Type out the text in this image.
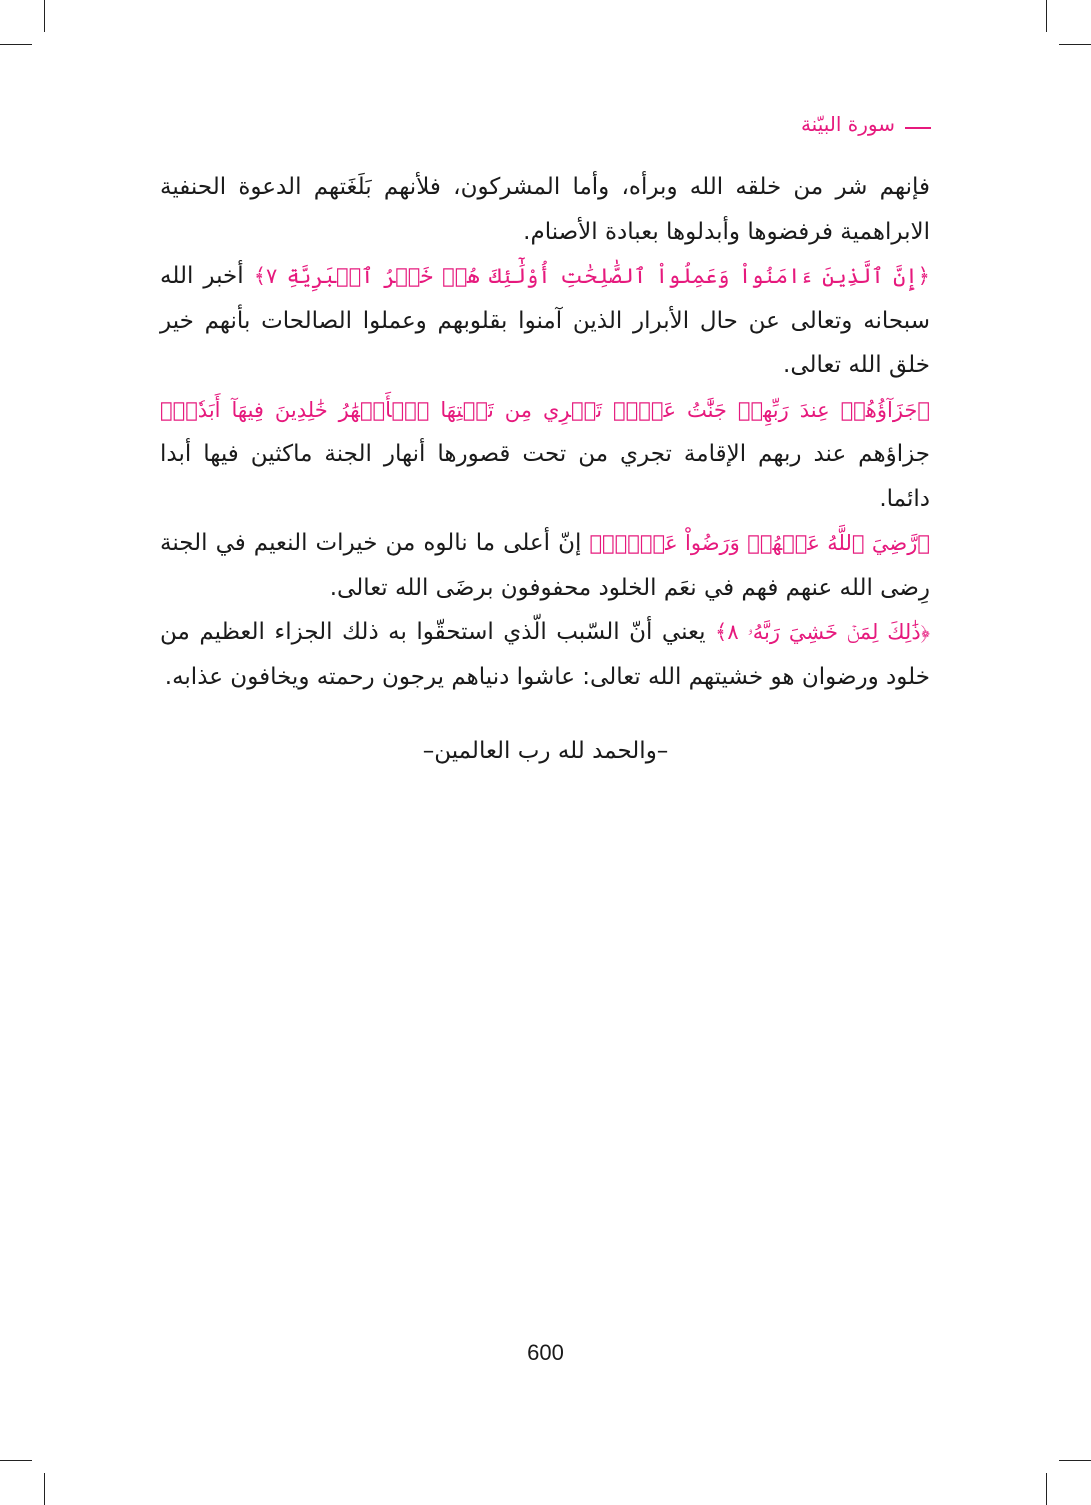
سورة البيّنة

فإنهم شر من خلقه الله وبرأه، وأما المشركون، فلأنهم بَلَغَتهم الدعوة الحنفية الابراهمية فرفضوها وأبدلوها بعبادة الأصنام.

﴿إِنَّ ٱلَّذِينَ ءَامَنُواْ وَعَمِلُواْ ٱلصَّٰلِحَٰتِ أُوْلَٰٓئِكَ هُمۡ خَيۡرُ ٱلۡبَرِيَّةِ ٧﴾ أخبر الله سبحانه وتعالى عن حال الأبرار الذين آمنوا بقلوبهم وعملوا الصالحات بأنهم خير خلق الله تعالى.

﴿جَزَآؤُهُمۡ عِندَ رَبِّهِمۡ جَنَّٰتُ عَدۡنٖ تَجۡرِي مِن تَحۡتِهَا ٱلۡأَنۡهَٰرُ خَٰلِدِينَ فِيهَآ أَبَدٗاۖ﴾ جزاؤهم عند ربهم الإقامة تجري من تحت قصورها أنهار الجنة ماكثين فيها أبدا دائما.

﴿رَّضِيَ ٱللَّهُ عَنۡهُمۡ وَرَضُواْ عَنۡهُۚ﴾ إنّ أعلى ما نالوه من خيرات النعيم في الجنة رِضى الله عنهم فهم في نعَم الخلود محفوفون برضَى الله تعالى.

﴿ذَٰلِكَ لِمَنۡ خَشِيَ رَبَّهُۥ ٨﴾ يعني أنّ السّبب الّذي استحقّوا به ذلك الجزاء العظيم من خلود ورضوان هو خشيتهم الله تعالى: عاشوا دنياهم يرجون رحمته ويخافون عذابه.

–والحمد لله رب العالمين–
600
